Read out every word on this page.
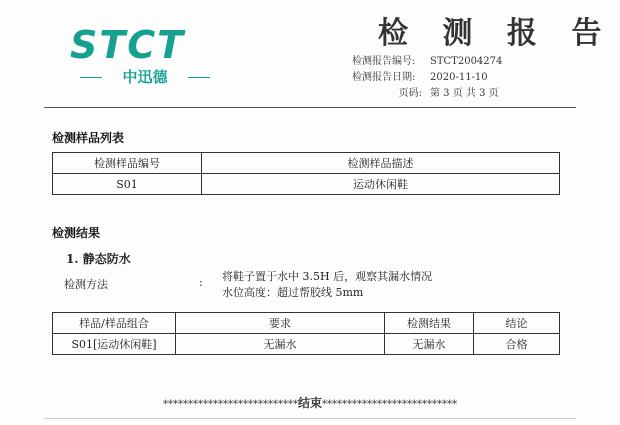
STCT
中迅德
检 测 报 告
检测报告编号: STCT2004274
检测报告日期: 2020-11-10
页码: 第 3 页 共 3 页
检测样品列表
检测样品编号	检测样品描述
S01	运动休闲鞋
检测结果
1. 静态防水
检测方法	: 将鞋子置于水中 3.5H 后，观察其漏水情况
水位高度：超过帮胶线 5mm
样品/样品组合	要求	检测结果	结论
S01[运动休闲鞋]	无漏水	无漏水	合格
***************************结束***************************
